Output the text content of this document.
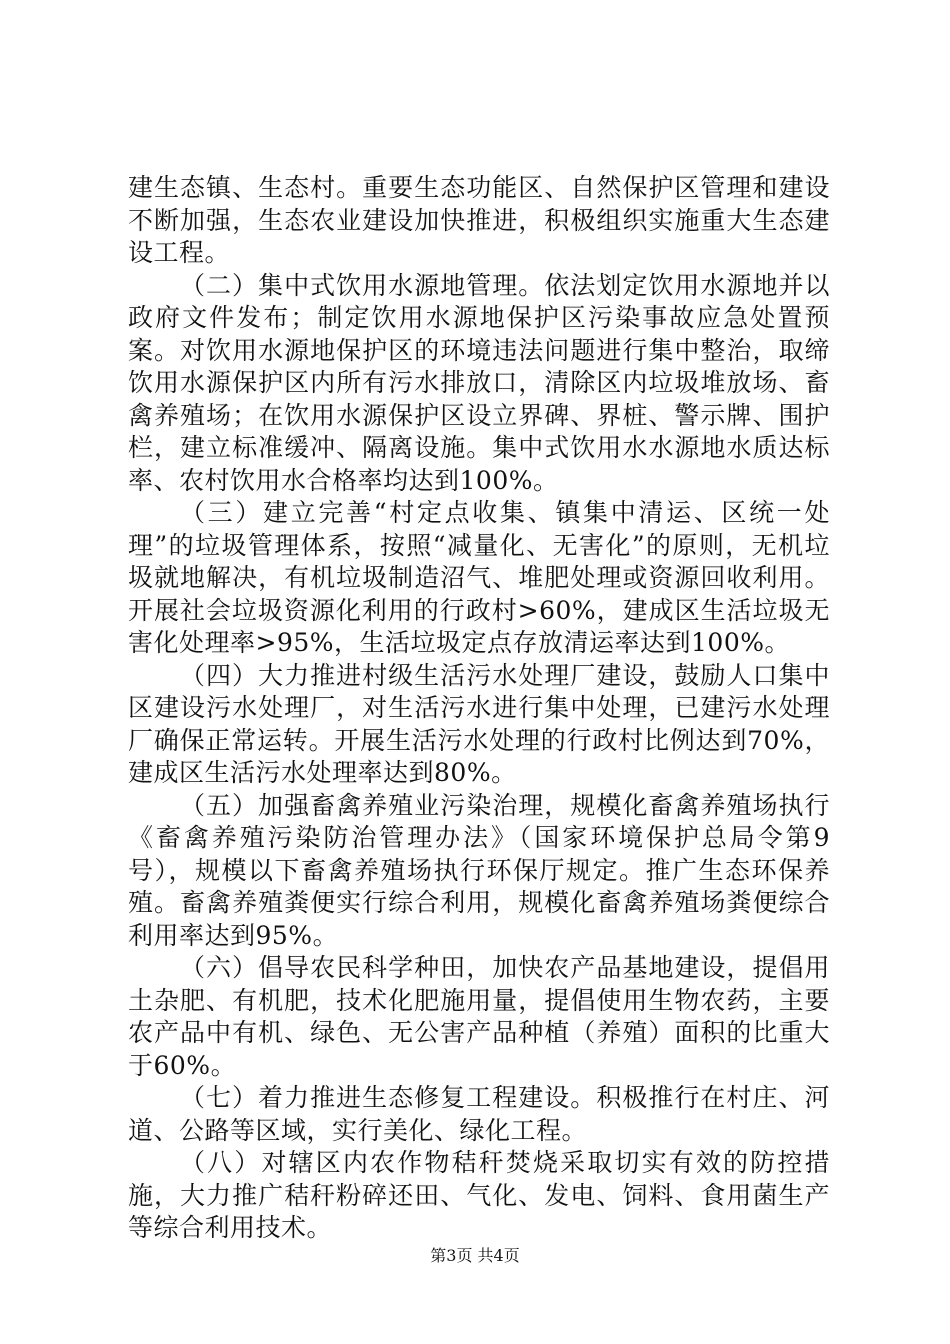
建生态镇、生态村。重要生态功能区、自然保护区管理和建设不断加强，生态农业建设加快推进，积极组织实施重大生态建设工程。

（二）集中式饮用水源地管理。依法划定饮用水源地并以政府文件发布；制定饮用水源地保护区污染事故应急处置预案。对饮用水源地保护区的环境违法问题进行集中整治，取缔饮用水源保护区内所有污水排放口，清除区内垃圾堆放场、畜禽养殖场；在饮用水源保护区设立界碑、界桩、警示牌、围护栏，建立标准缓冲、隔离设施。集中式饮用水水源地水质达标率、农村饮用水合格率均达到100%。

（三）建立完善“村定点收集、镇集中清运、区统一处理”的垃圾管理体系，按照“减量化、无害化”的原则，无机垃圾就地解决，有机垃圾制造沼气、堆肥处理或资源回收利用。开展社会垃圾资源化利用的行政村>60%，建成区生活垃圾无害化处理率>95%，生活垃圾定点存放清运率达到100%。

（四）大力推进村级生活污水处理厂建设，鼓励人口集中区建设污水处理厂，对生活污水进行集中处理，已建污水处理厂确保正常运转。开展生活污水处理的行政村比例达到70%，建成区生活污水处理率达到80%。

（五）加强畜禽养殖业污染治理，规模化畜禽养殖场执行《畜禽养殖污染防治管理办法》（国家环境保护总局令第9号），规模以下畜禽养殖场执行环保厅规定。推广生态环保养殖。畜禽养殖粪便实行综合利用，规模化畜禽养殖场粪便综合利用率达到95%。

（六）倡导农民科学种田，加快农产品基地建设，提倡用土杂肥、有机肥，技术化肥施用量，提倡使用生物农药，主要农产品中有机、绿色、无公害产品种植（养殖）面积的比重大于60%。

（七）着力推进生态修复工程建设。积极推行在村庄、河道、公路等区域，实行美化、绿化工程。

（八）对辖区内农作物秸秆焚烧采取切实有效的防控措施，大力推广秸秆粉碎还田、气化、发电、饲料、食用菌生产等综合利用技术。

第3页 共4页
